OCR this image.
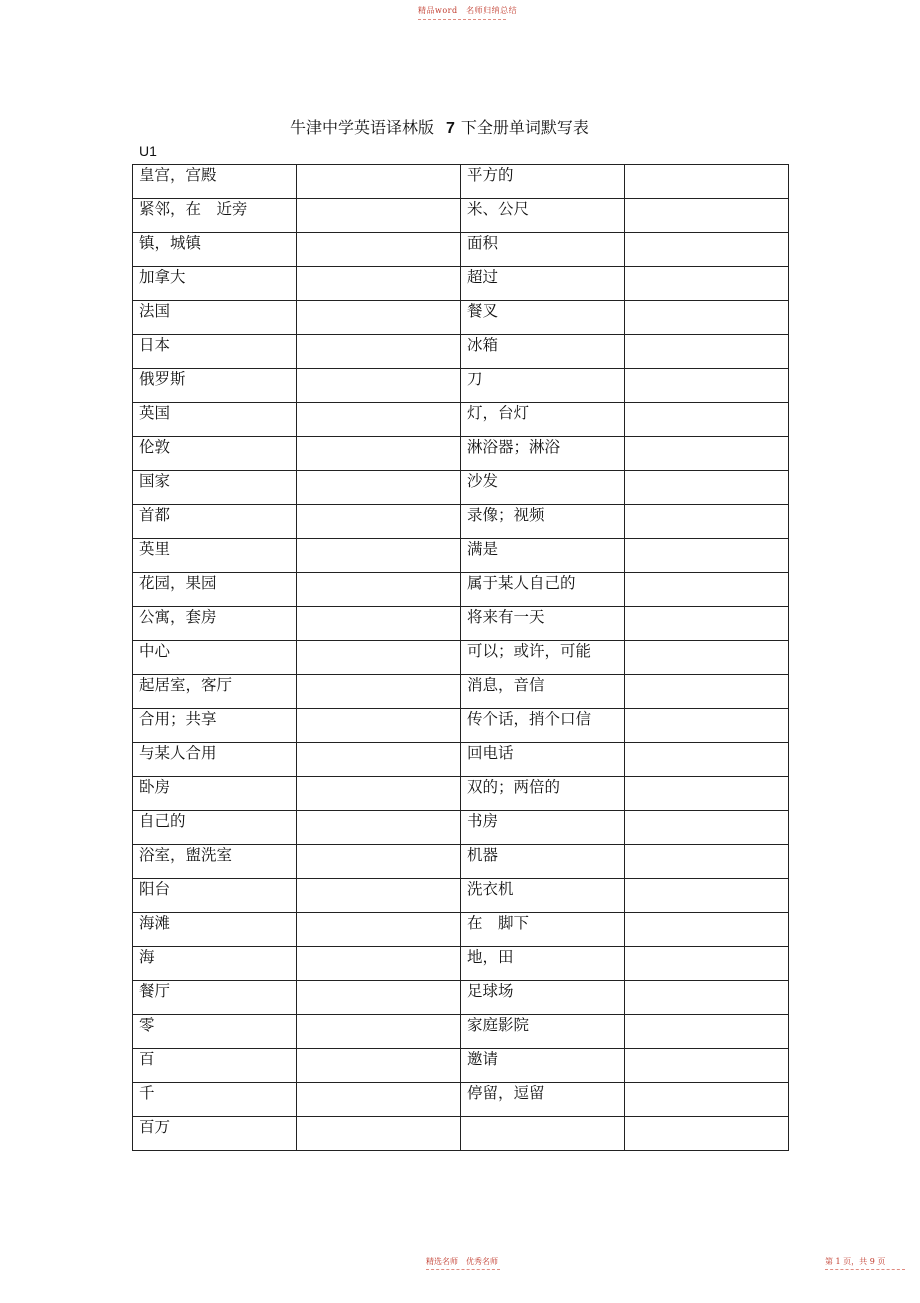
精品word　名师归纳总结
牛津中学英语译林版 7 下全册单词默写表
U1
皇宫，宫殿		平方的	

紧邻，在　近旁		米、公尺	

镇，城镇		面积	

加拿大		超过	

法国		餐叉	

日本		冰箱	

俄罗斯		刀	

英国		灯，台灯	

伦敦		淋浴器；淋浴	

国家		沙发	

首都		录像；视频	

英里		满是	

花园，果园		属于某人自己的	

公寓，套房		将来有一天	

中心		可以；或许，可能	

起居室，客厅		消息，音信	

合用；共享		传个话，捎个口信	

与某人合用		回电话	

卧房		双的；两倍的	

自己的		书房	

浴室，盥洗室		机器	

阳台		洗衣机	

海滩		在　脚下	

海		地，田	

餐厅		足球场	

零		家庭影院	

百		邀请	

千		停留，逗留	

百万			

精选名师　优秀名师	第 1 页，共 9 页
